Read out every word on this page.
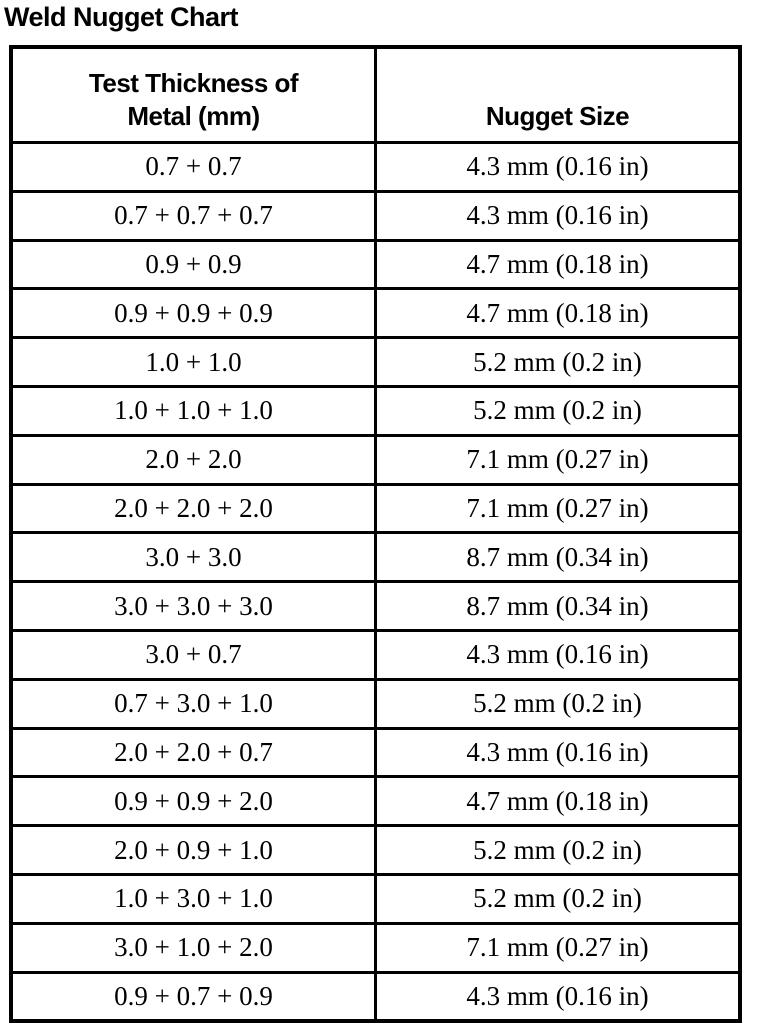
Weld Nugget Chart
Test Thickness of
Metal (mm)	Nugget Size
0.7 + 0.7	4.3 mm (0.16 in)
0.7 + 0.7 + 0.7	4.3 mm (0.16 in)
0.9 + 0.9	4.7 mm (0.18 in)
0.9 + 0.9 + 0.9	4.7 mm (0.18 in)
1.0 + 1.0	5.2 mm (0.2 in)
1.0 + 1.0 + 1.0	5.2 mm (0.2 in)
2.0 + 2.0	7.1 mm (0.27 in)
2.0 + 2.0 + 2.0	7.1 mm (0.27 in)
3.0 + 3.0	8.7 mm (0.34 in)
3.0 + 3.0 + 3.0	8.7 mm (0.34 in)
3.0 + 0.7	4.3 mm (0.16 in)
0.7 + 3.0 + 1.0	5.2 mm (0.2 in)
2.0 + 2.0 + 0.7	4.3 mm (0.16 in)
0.9 + 0.9 + 2.0	4.7 mm (0.18 in)
2.0 + 0.9 + 1.0	5.2 mm (0.2 in)
1.0 + 3.0 + 1.0	5.2 mm (0.2 in)
3.0 + 1.0 + 2.0	7.1 mm (0.27 in)
0.9 + 0.7 + 0.9	4.3 mm (0.16 in)
